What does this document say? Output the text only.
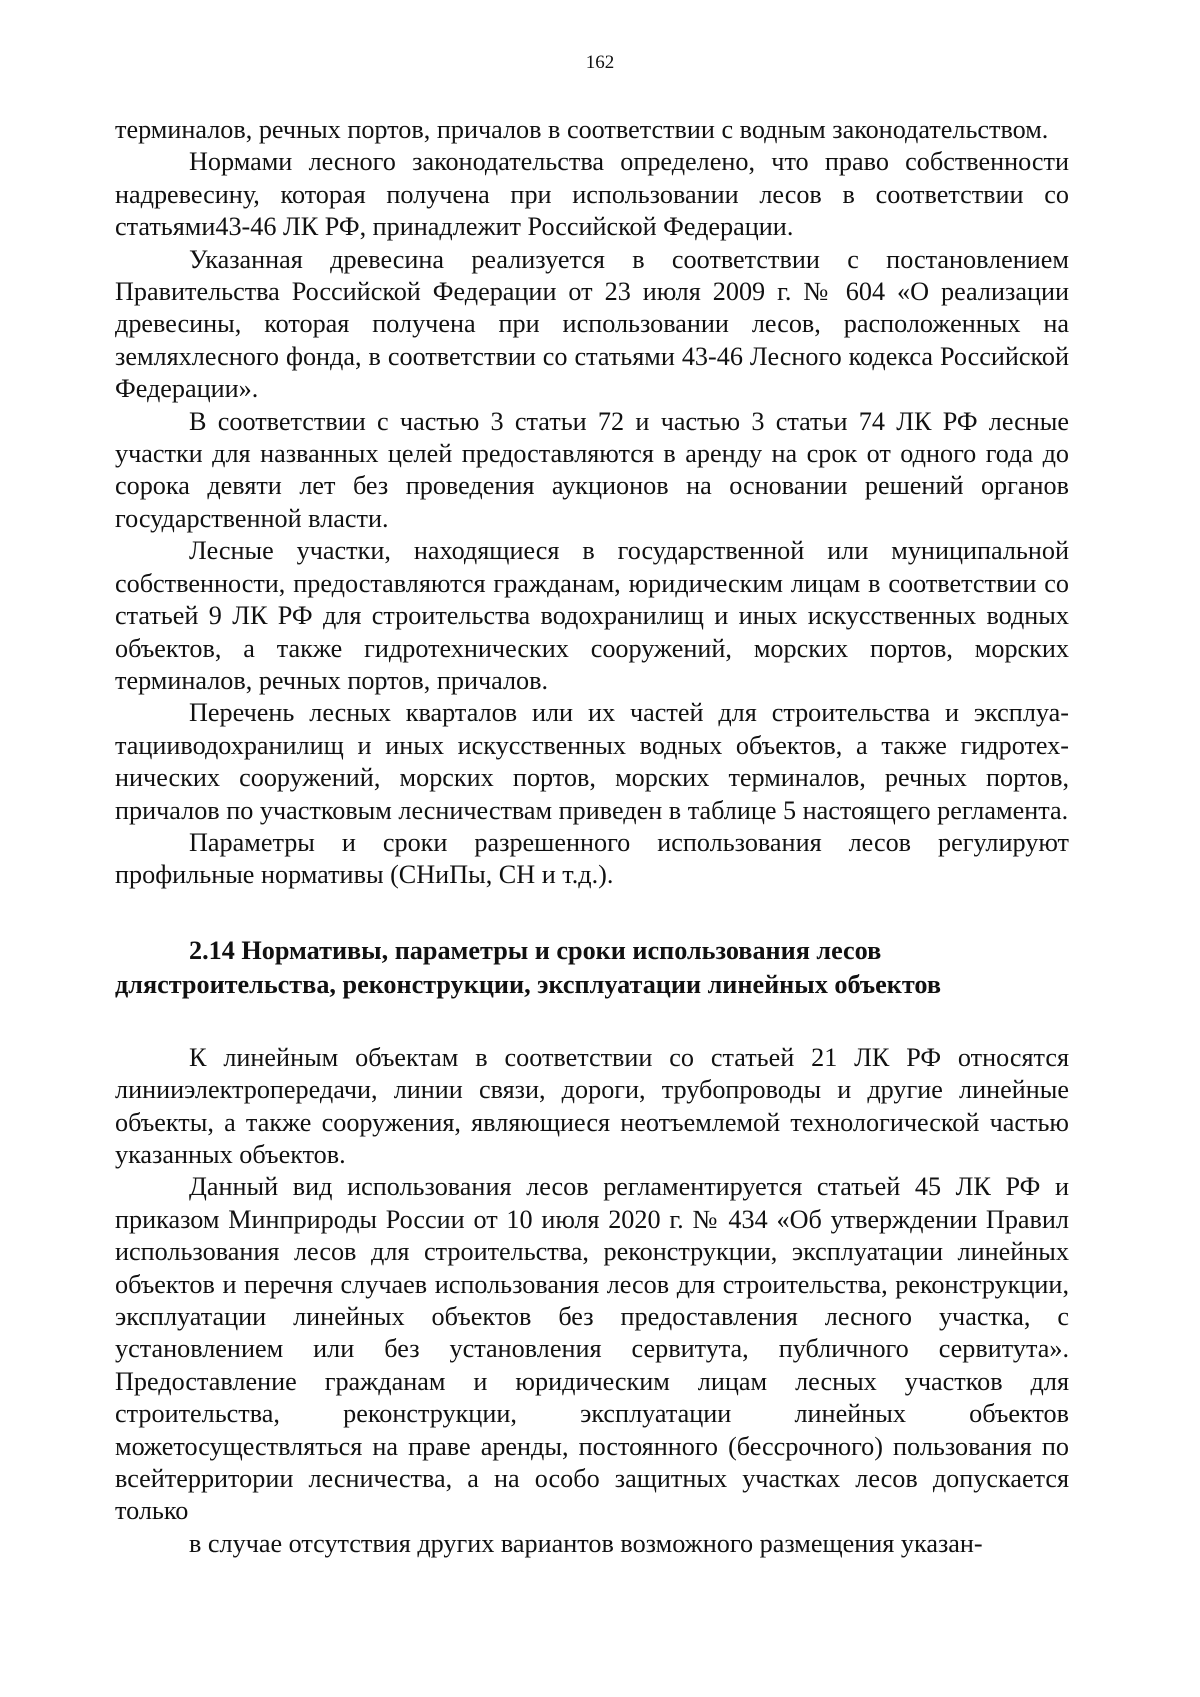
162

терминалов, речных портов, причалов в соответствии с водным законодательством.

Нормами лесного законодательства определено, что право собственности надревесину, которая получена при использовании лесов в соответствии со статьями43-46 ЛК РФ, принадлежит Российской Федерации.

Указанная древесина реализуется в соответствии с постановлением Правительства Российской Федерации от 23 июля 2009 г. № 604 «О реализации древесины, которая получена при использовании лесов, расположенных на земляхлесного фонда, в соответствии со статьями 43-46 Лесного кодекса Российской Федерации».

В соответствии с частью 3 статьи 72 и частью 3 статьи 74 ЛК РФ лесные участки для названных целей предоставляются в аренду на срок от одного года до сорока девяти лет без проведения аукционов на основании решений органов государственной власти.

Лесные участки, находящиеся в государственной или муниципальной собственности, предоставляются гражданам, юридическим лицам в соответствии со статьей 9 ЛК РФ для строительства водохранилищ и иных искусственных водных объектов, а также гидротехнических сооружений, морских портов, морских терминалов, речных портов, причалов.

Перечень лесных кварталов или их частей для строительства и эксплуатацииводохранилищ и иных искусственных водных объектов, а также гидротехнических сооружений, морских портов, морских терминалов, речных портов, причалов по участковым лесничествам приведен в таблице 5 настоящего регламента.

Параметры и сроки разрешенного использования лесов регулируют профильные нормативы (СНиПы, СН и т.д.).

2.14 Нормативы, параметры и сроки использования лесов
длястроительства, реконструкции, эксплуатации линейных объектов

К линейным объектам в соответствии со статьей 21 ЛК РФ относятся линииэлектропередачи, линии связи, дороги, трубопроводы и другие линейные объекты, а также сооружения, являющиеся неотъемлемой технологической частью указанных объектов.

Данный вид использования лесов регламентируется статьей 45 ЛК РФ и приказом Минприроды России от 10 июля 2020 г. № 434 «Об утверждении Правил использования лесов для строительства, реконструкции, эксплуатации линейных объектов и перечня случаев использования лесов для строительства, реконструкции, эксплуатации линейных объектов без предоставления лесного участка, с установлением или без установления сервитута, публичного сервитута». Предоставление гражданам и юридическим лицам лесных участков для строительства, реконструкции, эксплуатации линейных объектов можетосуществляться на праве аренды, постоянного (бессрочного) пользования по всейтерритории лесничества, а на особо защитных участках лесов допускается только

в случае отсутствия других вариантов возможного размещения указан-
